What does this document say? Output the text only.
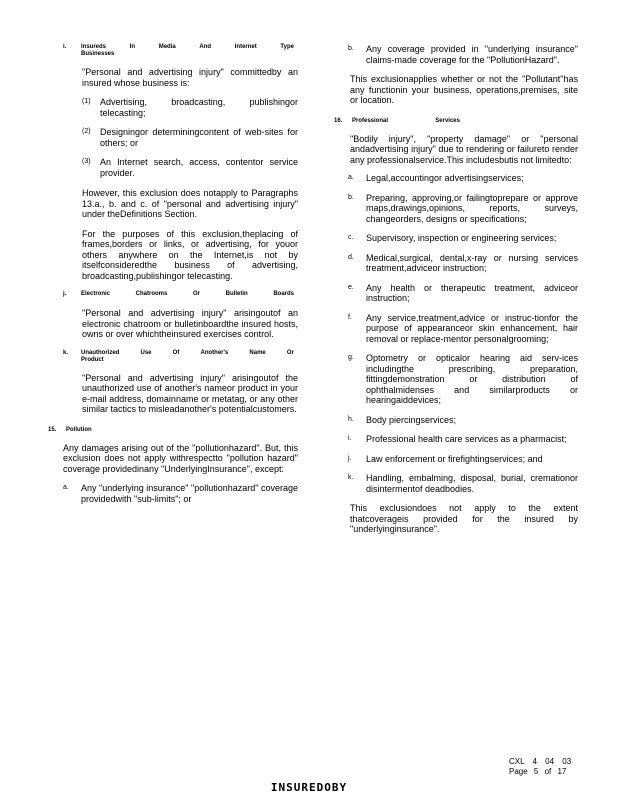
i.	Insureds	In	Media	And	Internet	Type
Businesses

"Personal and advertising injury" committedby an insured whose business is:

(1)	Advertising, broadcasting, publishingor telecasting;
(2)	Designingor determiningcontent of web-sites for others; or
(3)	An Internet search, access, contentor service provider.

However, this exclusion does notapply to Paragraphs 13.a., b. and c. of "personal and advertising injury" under theDefinitions Section.

For the purposes of this exclusion,theplacing of frames,borders or links, or advertising, for youor others anywhere on the Internet,is not by itselfconsideredthe business of advertising, broadcasting,publishingor telecasting.

j.	Electronic	Chatrooms	Or	Bulletin	Boards

"Personal and advertising injury" arisingoutof an electronic chatroom or bulletinboardthe insured hosts, owns or over whichtheinsured exercises control.

k.	Unauthorized	Use	Of	Another's	Name	Or
Product

"Personal and advertising injury" arisingoutof the unauthorized use of another's nameor product in your e-mail address, domainname or metatag, or any other similar tactics to misleadanother's potentialcustomers.

15.	Pollution

Any damages arising out of the "pollutionhazard". But, this exclusion does not apply withrespectto "pollution hazard" coverage providedinany "UnderlyingInsurance", except:

a.	Any "underlying insurance" "pollutionhazard" coverage providedwith "sub-limits"; or
b.	Any coverage provided in "underlying insurance" claims-made coverage for the "PollutionHazard".

This exclusionapplies whether or not the "Pollutant"has any functionin your business, operations,premises, site or location.

16.	Professional	Services

"Bodily injury", "property damage" or "personal andadvertising injury" due to rendering or failureto render any professionalservice.This includesbutis not limitedto:

a.	Legal,accountingor advertisingservices;
b.	Preparing, approving,or failingtoprepare or approve maps,drawings,opinions, reports, surveys, changeorders, designs or specifications;
c.	Supervisory, inspection or engineering services;
d.	Medical,surgical, dental,x-ray or nursing services treatment,adviceor instruction;
e.	Any health or therapeutic treatment, adviceor instruction;
f.	Any service,treatment,advice or instruc-tionfor the purpose of appearanceor skin enhancement, hair removal or replace-mentor personalgrooming;
g.	Optometry or opticalor hearing aid serv-ices includingthe prescribing, preparation, fittingdemonstration or distribution of ophthalmidenses and similarproducts or hearingaiddevices;
h.	Body piercingservices;
i.	Professional health care services as a pharmacist;
j.	Law enforcement or firefightingservices; and
k.	Handling, embalming, disposal, burial, cremationor disintermentof deadbodies.

This exclusiondoes not apply to the extent thatcoverageis provided for the insured by "underlyinginsurance".

CXL 4 04 03
Page 5 of 17
INSUREDOBY
